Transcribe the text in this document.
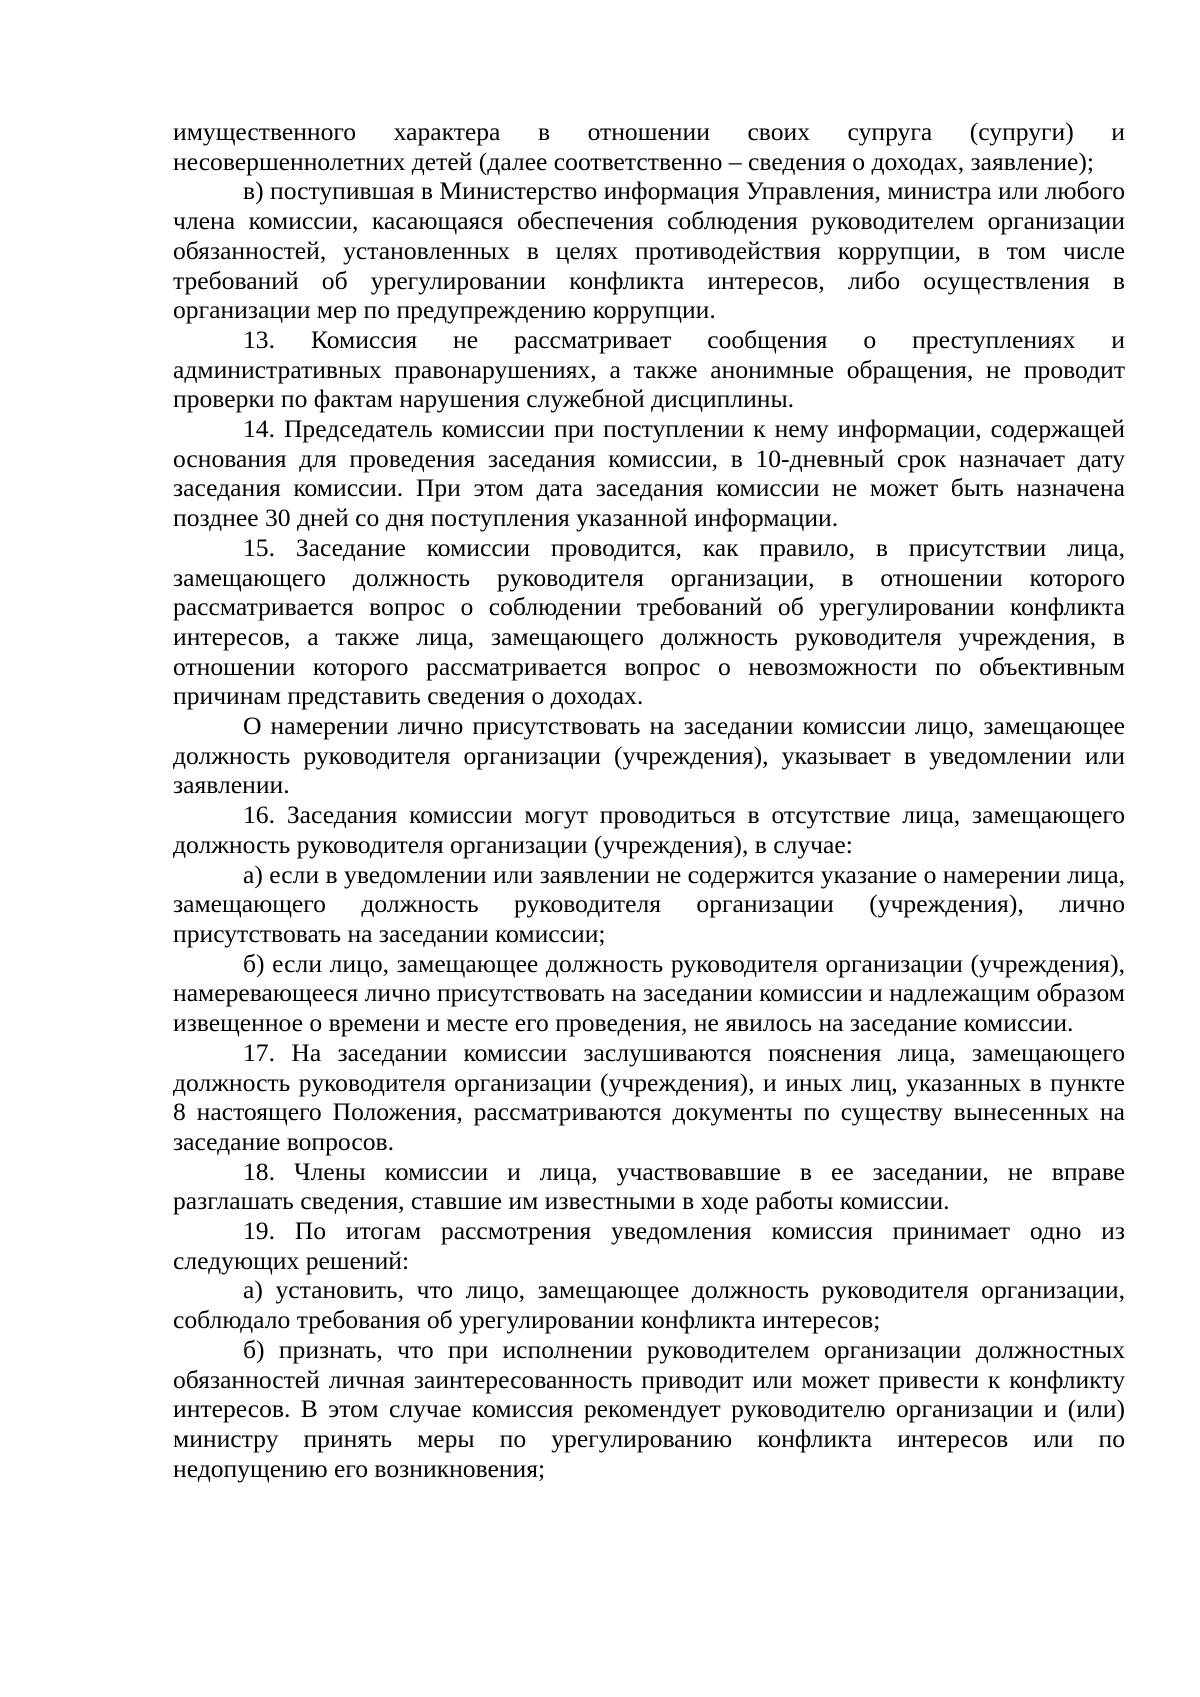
имущественного характера в отношении своих супруга (супруги) и несовершеннолетних детей (далее соответственно – сведения о доходах, заявление);

в) поступившая в Министерство информация Управления, министра или любого члена комиссии, касающаяся обеспечения соблюдения руководителем организации обязанностей, установленных в целях противодействия коррупции, в том числе требований об урегулировании конфликта интересов, либо осуществления в организации мер по предупреждению коррупции.

13. Комиссия не рассматривает сообщения о преступлениях и административных правонарушениях, а также анонимные обращения, не проводит проверки по фактам нарушения служебной дисциплины.

14. Председатель комиссии при поступлении к нему информации, содержащей основания для проведения заседания комиссии, в 10-дневный срок назначает дату заседания комиссии. При этом дата заседания комиссии не может быть назначена позднее 30 дней со дня поступления указанной информации.

15. Заседание комиссии проводится, как правило, в присутствии лица, замещающего должность руководителя организации, в отношении которого рассматривается вопрос о соблюдении требований об урегулировании конфликта интересов, а также лица, замещающего должность руководителя учреждения, в отношении которого рассматривается вопрос о невозможности по объективным причинам представить сведения о доходах.

О намерении лично присутствовать на заседании комиссии лицо, замещающее должность руководителя организации (учреждения), указывает в уведомлении или заявлении.

16. Заседания комиссии могут проводиться в отсутствие лица, замещающего должность руководителя организации (учреждения), в случае:

а) если в уведомлении или заявлении не содержится указание о намерении лица, замещающего должность руководителя организации (учреждения), лично присутствовать на заседании комиссии;

б) если лицо, замещающее должность руководителя организации (учреждения), намеревающееся лично присутствовать на заседании комиссии и надлежащим образом извещенное о времени и месте его проведения, не явилось на заседание комиссии.

17. На заседании комиссии заслушиваются пояснения лица, замещающего должность руководителя организации (учреждения), и иных лиц, указанных в пункте 8 настоящего Положения, рассматриваются документы по существу вынесенных на заседание вопросов.

18. Члены комиссии и лица, участвовавшие в ее заседании, не вправе разглашать сведения, ставшие им известными в ходе работы комиссии.

19. По итогам рассмотрения уведомления комиссия принимает одно из следующих решений:

а) установить, что лицо, замещающее должность руководителя организации, соблюдало требования об урегулировании конфликта интересов;

б) признать, что при исполнении руководителем организации должностных обязанностей личная заинтересованность приводит или может привести к конфликту интересов. В этом случае комиссия рекомендует руководителю организации и (или) министру принять меры по урегулированию конфликта интересов или по недопущению его возникновения;
